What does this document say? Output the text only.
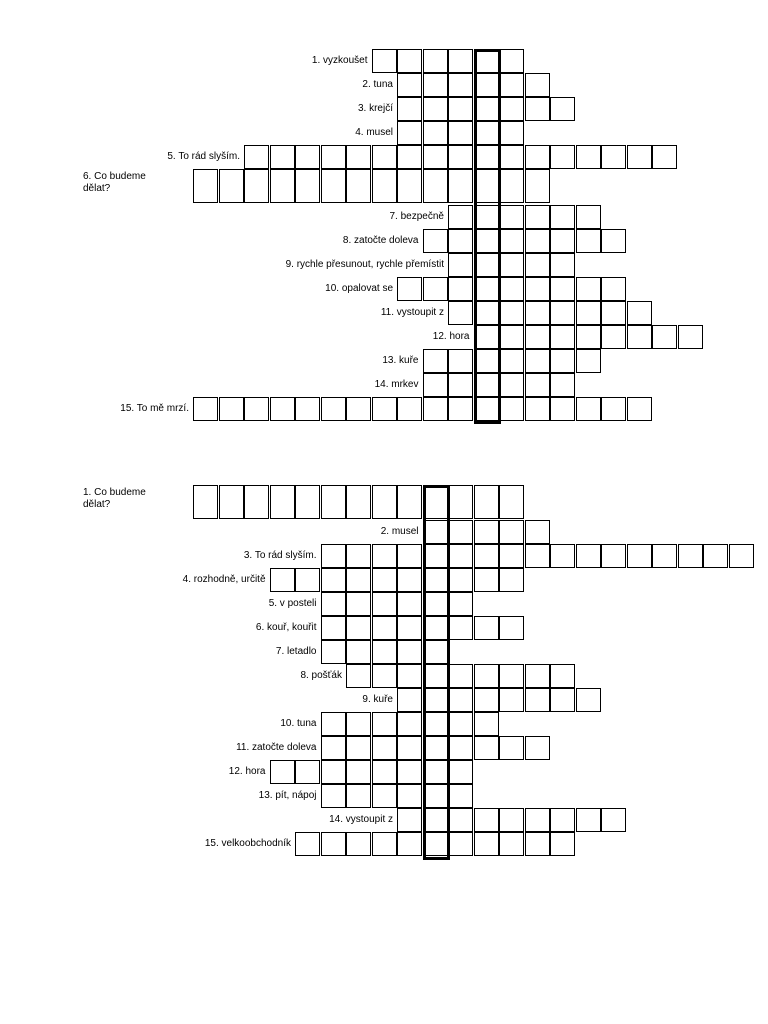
1. vyzkoušet
2. tuna
3. krejčí
4. musel
5. To rád slyším.
6. Co budeme dělat?
7. bezpečně
8. zatočte doleva
9. rychle přesunout, rychle přemístit
10. opalovat se
11. vystoupit z
12. hora
13. kuře
14. mrkev
15. To mě mrzí.
1. Co budeme dělat?
2. musel
3. To rád slyším.
4. rozhodně, určitě
5. v posteli
6. kouř, kouřit
7. letadlo
8. pošťák
9. kuře
10. tuna
11. zatočte doleva
12. hora
13. pít, nápoj
14. vystoupit z
15. velkoobchodník
